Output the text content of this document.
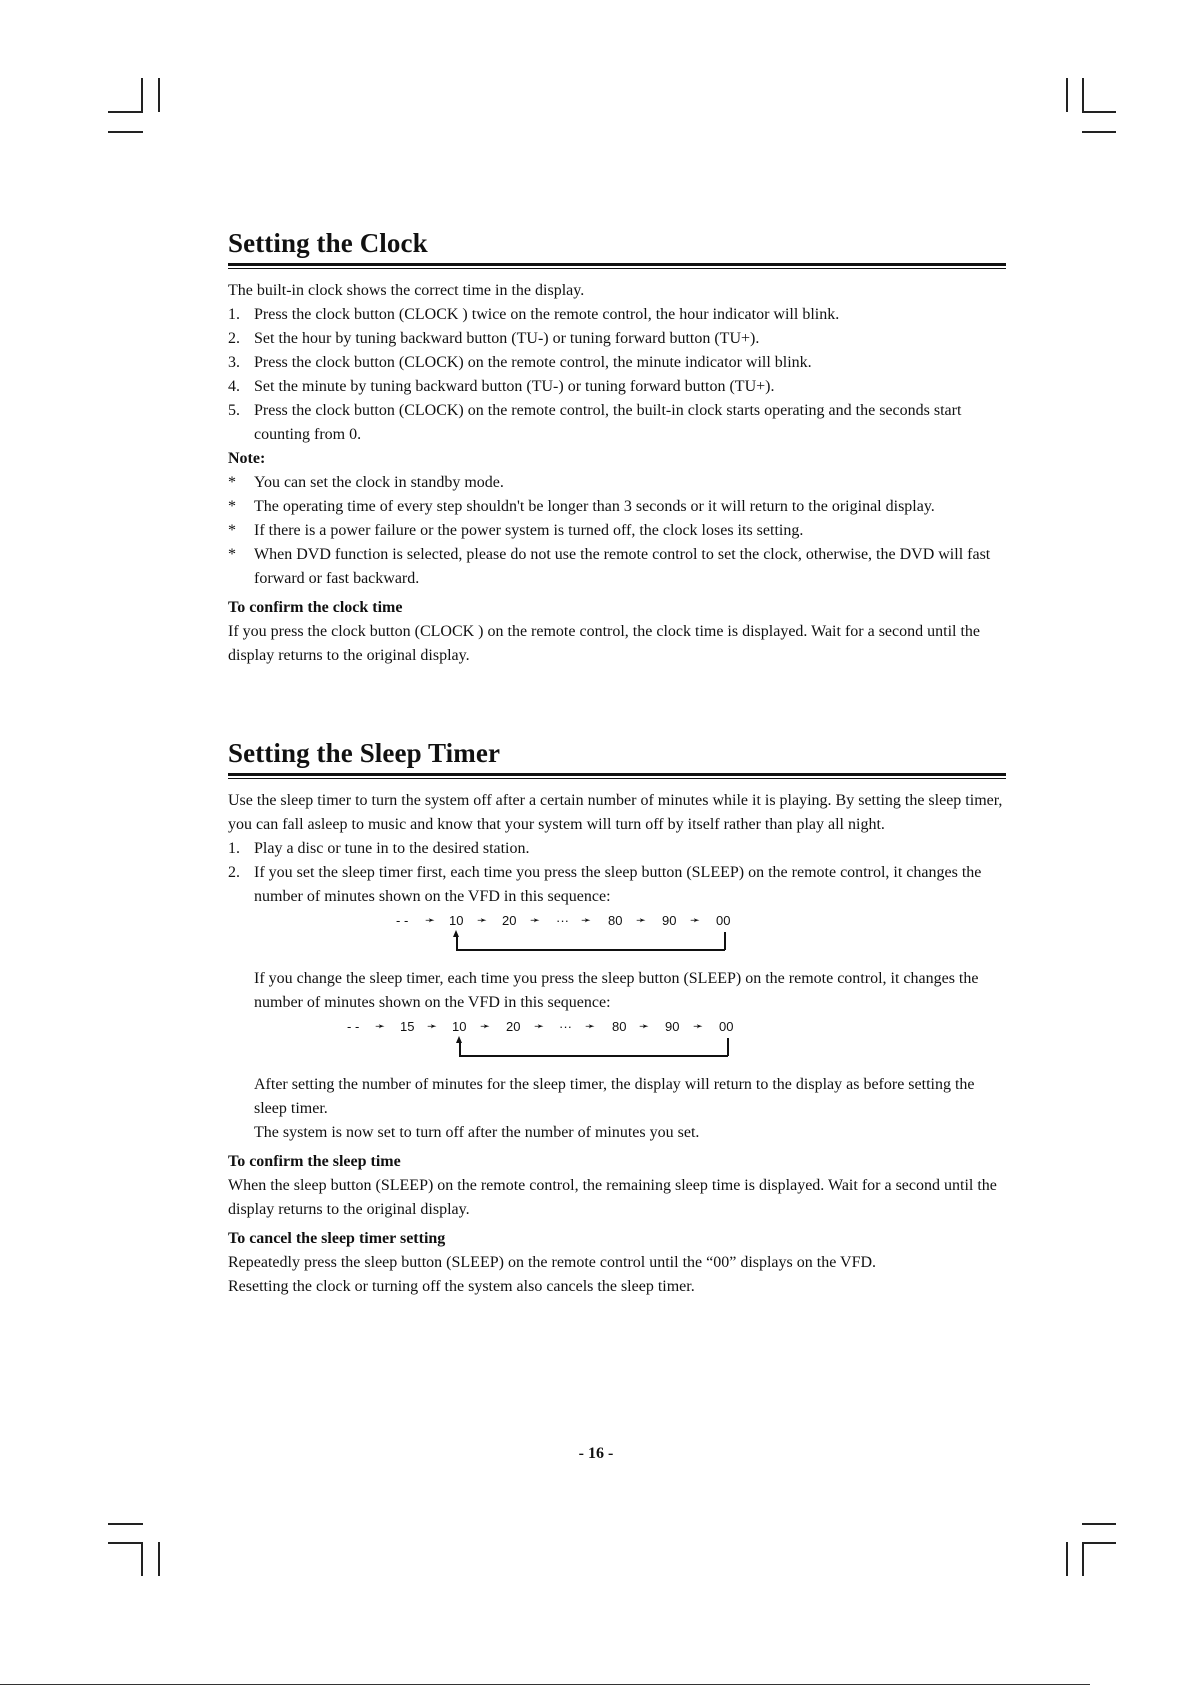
Setting the Clock

The built-in clock shows the correct time in the display.

1. Press the clock button (CLOCK ) twice on the remote control, the hour indicator will blink.
2. Set the hour by tuning backward button (TU-) or tuning forward button (TU+).
3. Press the clock button (CLOCK) on the remote control, the minute indicator will blink.
4. Set the minute by tuning backward button (TU-) or tuning forward button (TU+).
5. Press the clock button (CLOCK) on the remote control, the built-in clock starts operating and the seconds start counting from 0.
Note:
*	You can set the clock in standby mode.
*	The operating time of every step shouldn't be longer than 3 seconds or it will return to the original display.
*	If there is a power failure or the power system is turned off, the clock loses its setting.
*	When DVD function is selected, please do not use the remote control to set the clock, otherwise, the DVD will fast forward or fast backward.
To confirm the clock time

If you press the clock button (CLOCK ) on the remote control, the clock time is displayed. Wait for a second until the display returns to the original display.

Setting the Sleep Timer

Use the sleep timer to turn the system off after a certain number of minutes while it is playing. By setting the sleep timer, you can fall asleep to music and know that your system will turn off by itself rather than play all night.

1. Play a disc or tune in to the desired station.
2. If you set the sleep timer first, each time you press the sleep button (SLEEP) on the remote control, it changes the number of minutes shown on the VFD in this sequence:
- - ➛ 10 ➛ 20 ➛ ··· ➛ 80 ➛ 90 ➛ 00

If you change the sleep timer, each time you press the sleep button (SLEEP) on the remote control, it changes the number of minutes shown on the VFD in this sequence:

- - ➛ 15 ➛ 10 ➛ 20 ➛ ··· ➛ 80 ➛ 90 ➛ 00

After setting the number of minutes for the sleep timer, the display will return to the display as before setting the sleep timer.

The system is now set to turn off after the number of minutes you set.

To confirm the sleep time

When the sleep button (SLEEP) on the remote control, the remaining sleep time is displayed. Wait for a second until the display returns to the original display.

To cancel the sleep timer setting

Repeatedly press the sleep button (SLEEP) on the remote control until the “00” displays on the VFD.

Resetting the clock or turning off the system also cancels the sleep timer.

- 16 -
